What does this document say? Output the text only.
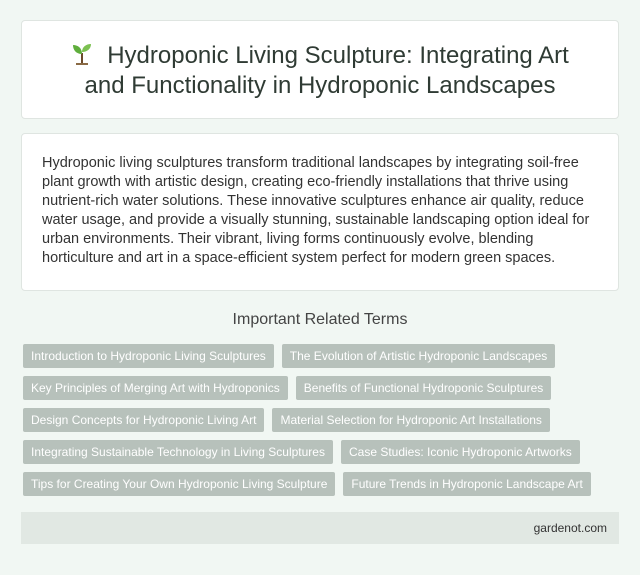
Hydroponic Living Sculpture: Integrating Art and Functionality in Hydroponic Landscapes

Hydroponic living sculptures transform traditional landscapes by integrating soil-free plant growth with artistic design, creating eco-friendly installations that thrive using nutrient-rich water solutions. These innovative sculptures enhance air quality, reduce water usage, and provide a visually stunning, sustainable landscaping option ideal for urban environments. Their vibrant, living forms continuously evolve, blending horticulture and art in a space-efficient system perfect for modern green spaces.

Important Related Terms
Introduction to Hydroponic Living Sculptures	The Evolution of Artistic Hydroponic Landscapes
Key Principles of Merging Art with Hydroponics	Benefits of Functional Hydroponic Sculptures
Design Concepts for Hydroponic Living Art	Material Selection for Hydroponic Art Installations
Integrating Sustainable Technology in Living Sculptures	Case Studies: Iconic Hydroponic Artworks
Tips for Creating Your Own Hydroponic Living Sculpture	Future Trends in Hydroponic Landscape Art
gardenot.com
